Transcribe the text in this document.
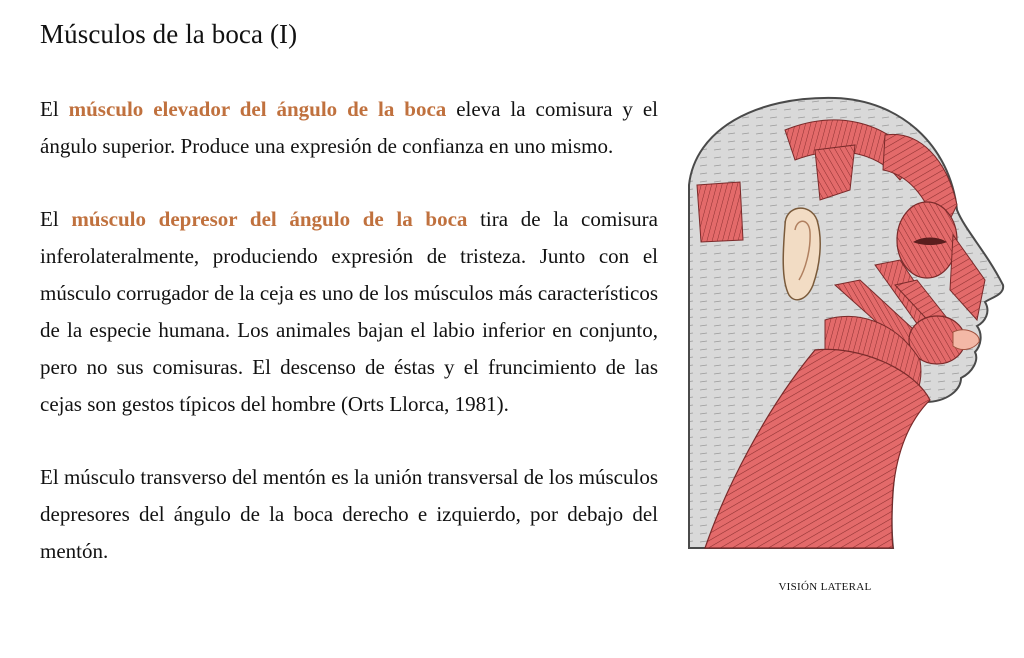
Músculos de la boca (I)

El músculo elevador del ángulo de la boca eleva la comisura y el ángulo superior. Produce una expresión de confianza en uno mismo.

El músculo depresor del ángulo de la boca tira de la comisura inferolateralmente, produciendo expresión de tristeza. Junto con el músculo corrugador de la ceja es uno de los músculos más característicos de la especie humana. Los animales bajan el labio inferior en conjunto, pero no sus comisuras. El descenso de éstas y el fruncimiento de las cejas son gestos típicos del hombre (Orts Llorca, 1981).

El músculo transverso del mentón es la unión transversal de los músculos depresores del ángulo de la boca derecho e izquierdo, por debajo del mentón.

VISIÓN LATERAL
